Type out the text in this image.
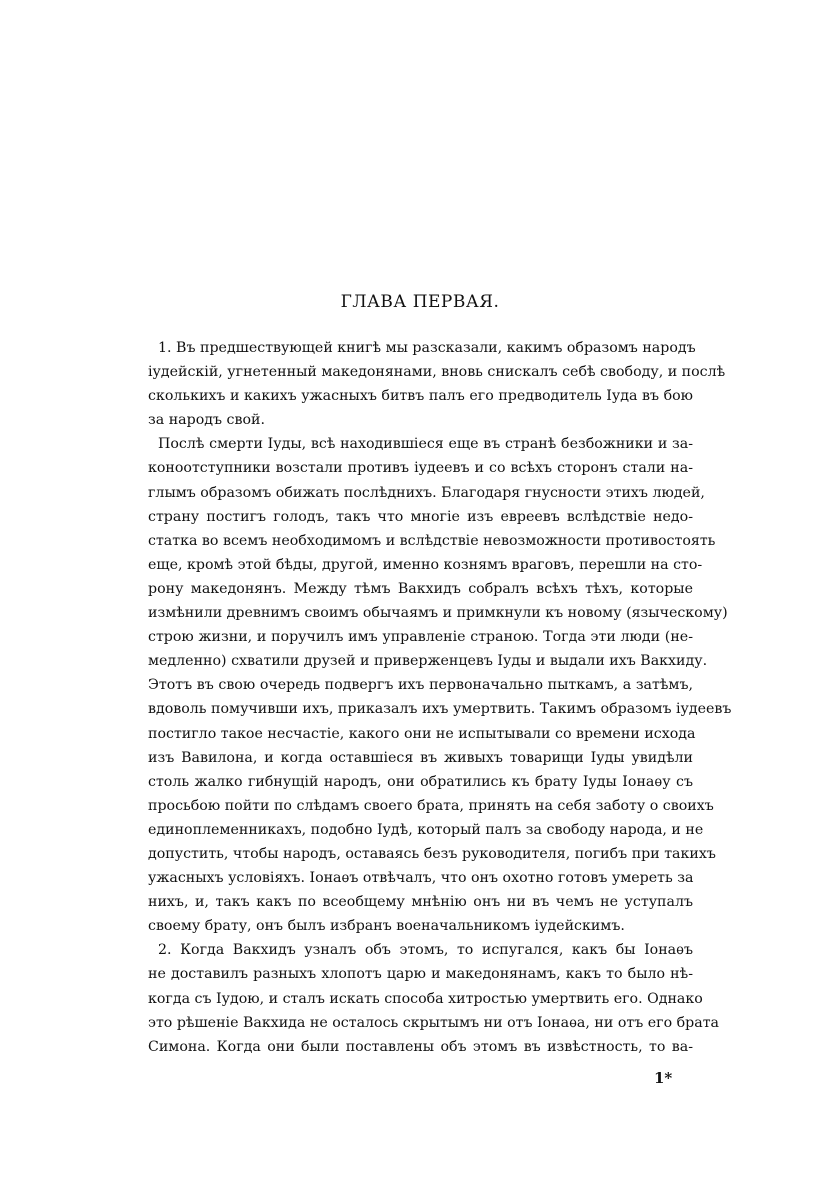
ГЛАВА ПЕРВАЯ.
1. Въ предшествующей книгѣ мы разсказали, какимъ образомъ народъ
іудейскій, угнетенный македонянами, вновь снискалъ себѣ свободу, и послѣ
сколькихъ и какихъ ужасныхъ битвъ палъ его предводитель Іуда въ бою
за народъ свой.
Послѣ смерти Іуды, всѣ находившіеся еще въ странѣ безбожники и за-
коноотступники возстали противъ іудеевъ и со всѣхъ сторонъ стали на-
глымъ образомъ обижать послѣднихъ. Благодаря гнусности этихъ людей,
страну постигъ голодъ, такъ что многіе изъ евреевъ вслѣдствіе недо-
статка во всемъ необходимомъ и вслѣдствіе невозможности противостоять
еще, кромѣ этой бѣды, другой, именно кознямъ враговъ, перешли на сто-
рону македонянъ. Между тѣмъ Вакхидъ собралъ всѣхъ тѣхъ, которые
измѣнили древнимъ своимъ обычаямъ и примкнули къ новому (языческому)
строю жизни, и поручилъ имъ управленіе страною. Тогда эти люди (не-
медленно) схватили друзей и приверженцевъ Іуды и выдали ихъ Вакхиду.
Этотъ въ свою очередь подвергъ ихъ первоначально пыткамъ, а затѣмъ,
вдоволь помучивши ихъ, приказалъ ихъ умертвить. Такимъ образомъ іудеевъ
постигло такое несчастіе, какого они не испытывали со времени исхода
изъ Вавилона, и когда оставшіеся въ живыхъ товарищи Іуды увидѣли
столь жалко гибнущій народъ, они обратились къ брату Іуды Іонаѳу съ
просьбою пойти по слѣдамъ своего брата, принять на себя заботу о своихъ
единоплеменникахъ, подобно Іудѣ, который палъ за свободу народа, и не
допустить, чтобы народъ, оставаясь безъ руководителя, погибъ при такихъ
ужасныхъ условіяхъ. Іонаѳъ отвѣчалъ, что онъ охотно готовъ умереть за
нихъ, и, такъ какъ по всеобщему мнѣнію онъ ни въ чемъ не уступалъ
своему брату, онъ былъ избранъ военачальникомъ іудейскимъ.
2. Когда Вакхидъ узналъ объ этомъ, то испугался, какъ бы Іонаѳъ
не доставилъ разныхъ хлопотъ царю и македонянамъ, какъ то было нѣ-
когда съ Іудою, и сталъ искать способа хитростью умертвить его. Однако
это рѣшеніе Вакхида не осталось скрытымъ ни отъ Іонаѳа, ни отъ его брата
Симона. Когда они были поставлены объ этомъ въ извѣстность, то ва-
1*
